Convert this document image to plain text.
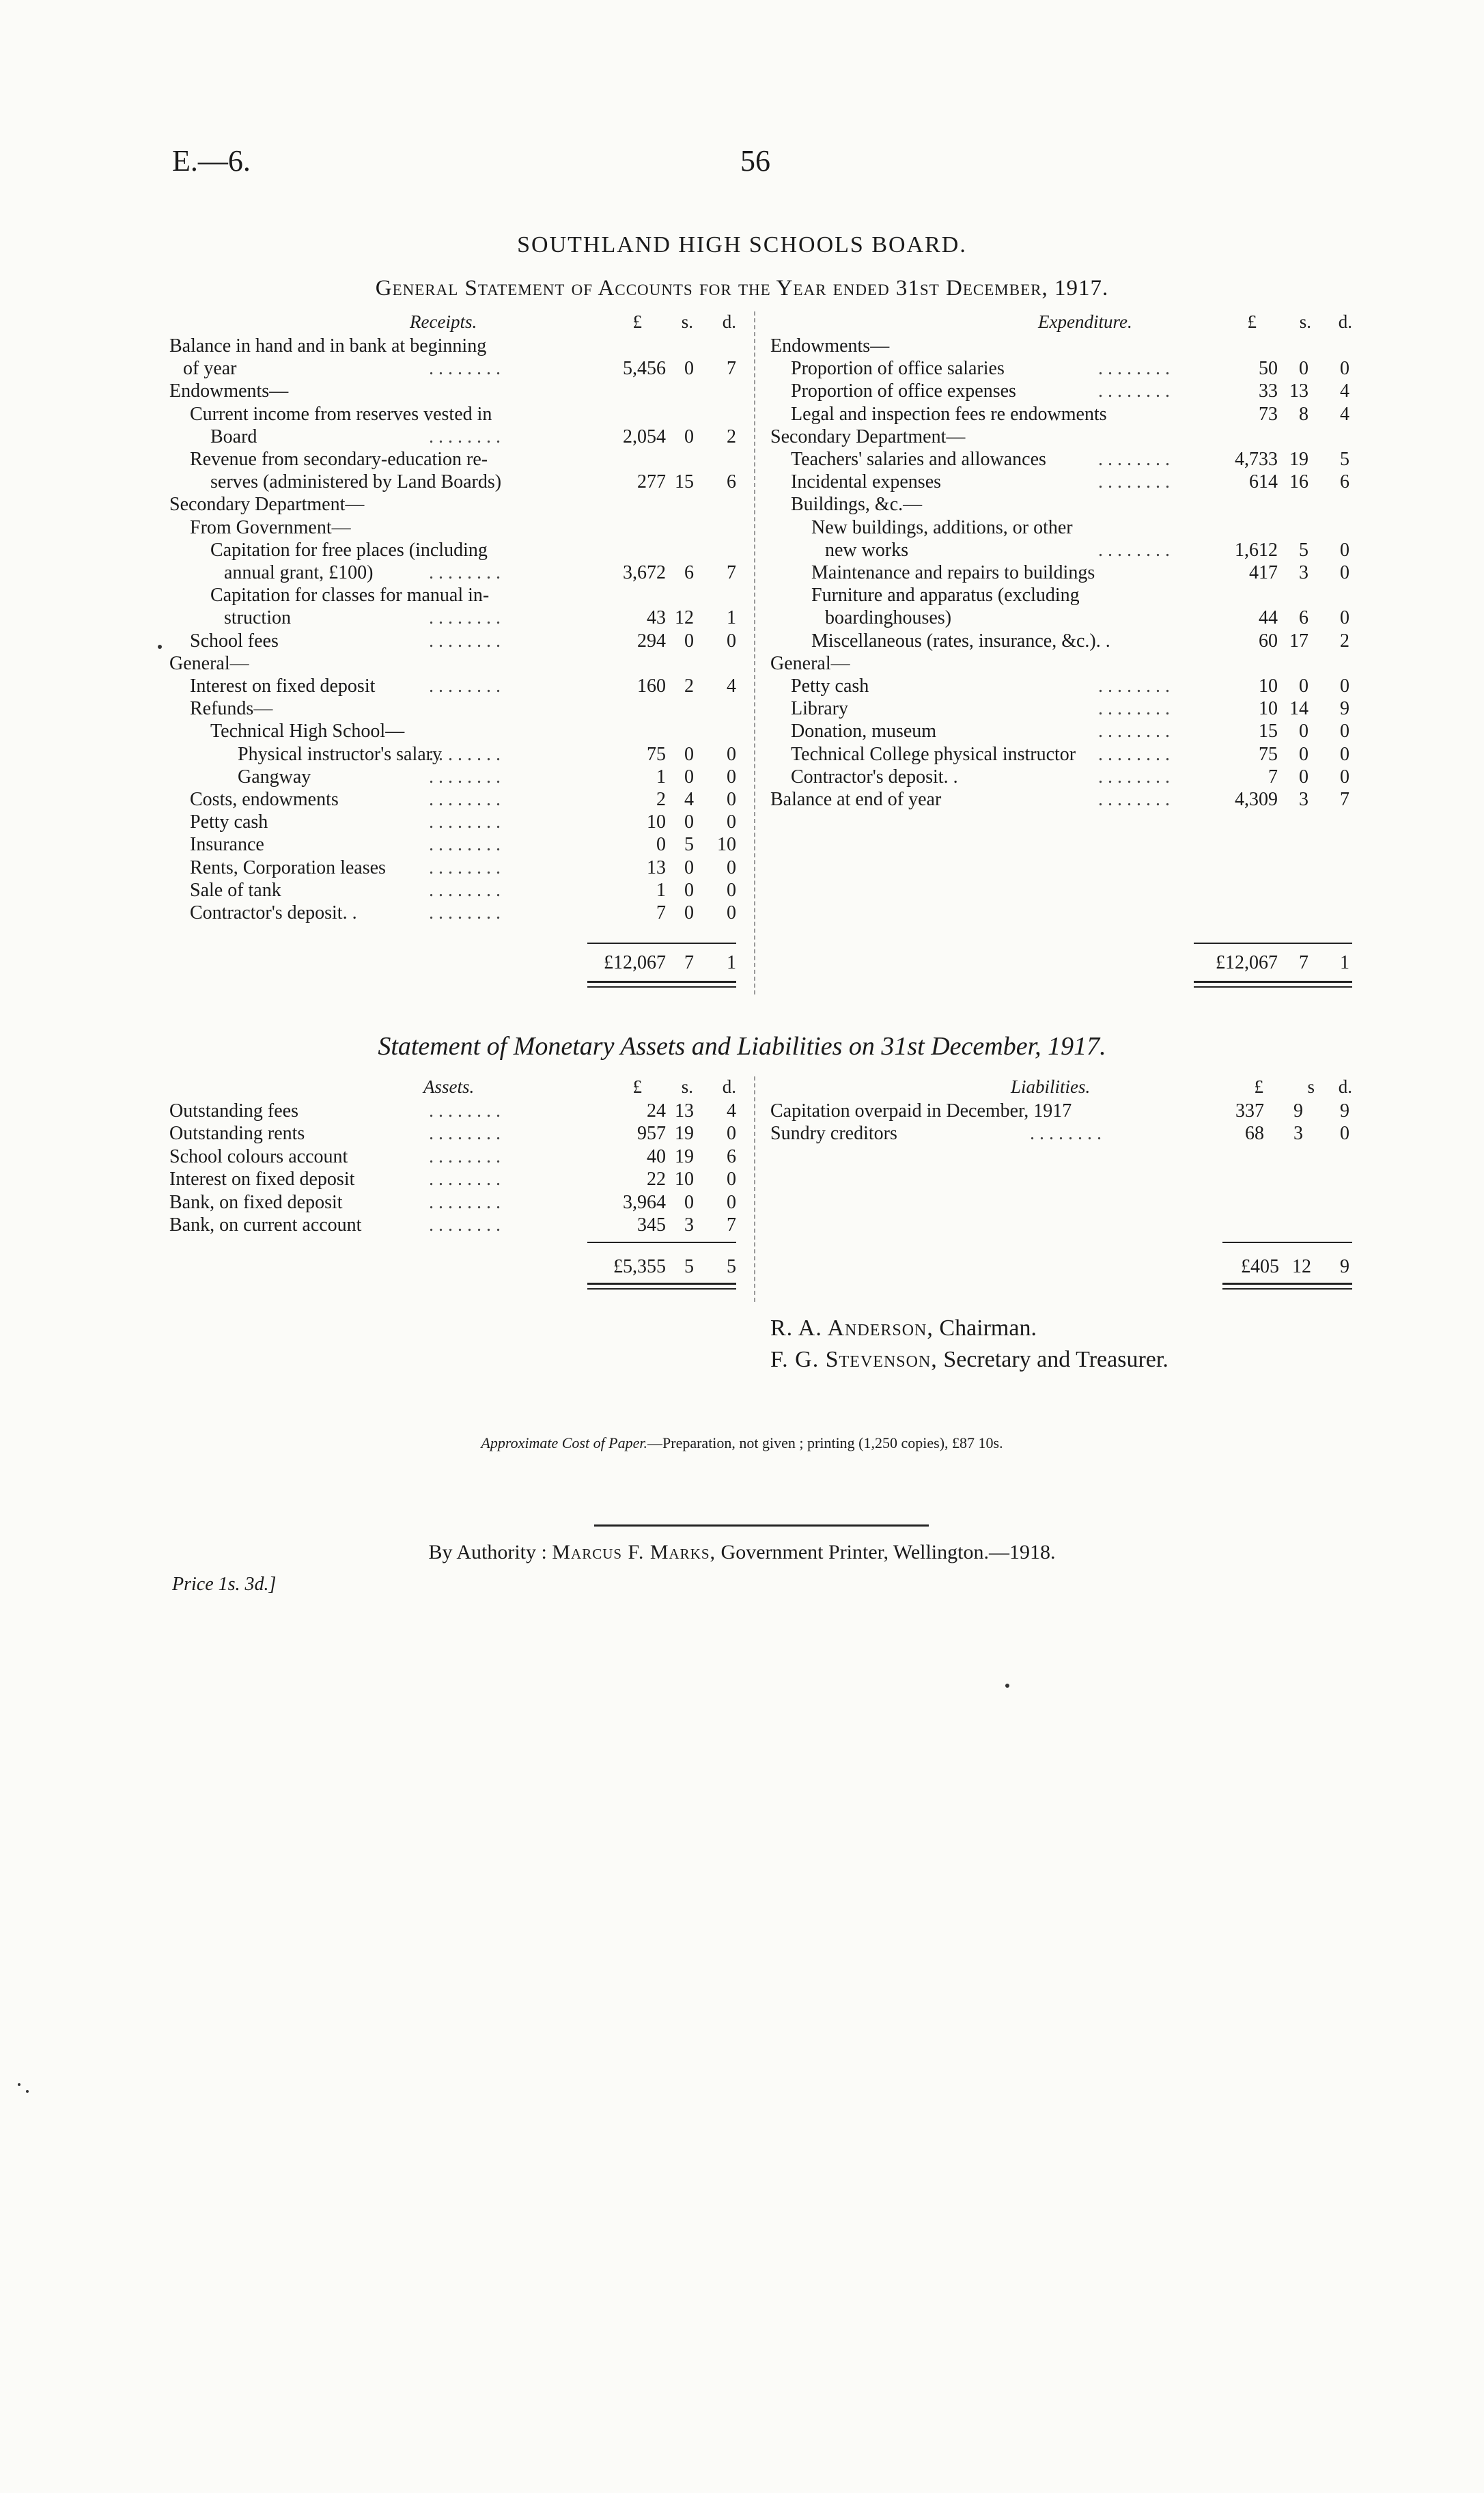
E.—6.	56
SOUTHLAND HIGH SCHOOLS BOARD.
General Statement of Accounts for the Year ended 31st December, 1917.
Receipts.	£	s.	d.	Expenditure.	£	s.	d.
Balance in hand and in bank at beginning
of year	. . . . . . . .	5,456 0	7
Endowments—
Current income from reserves vested in
Board	. . . . . . . .	2,054 0	2
Revenue from secondary-education re-
serves (administered by Land Boards)	277 15	6
Secondary Department—
From Government—
Capitation for free places (including
annual grant, £100)	. . . . . . . .	3,672 6	7
Capitation for classes for manual in-
struction	. . . . . . . .	43 12	1
School fees	. . . . . . . .	294 0	0
General—
Interest on fixed deposit	. . . . . . . .	160 2	4
Refunds—
Technical High School—
Physical instructor's salary
. . . . . . . .	75 0	0
Gangway	. . . . . . . .	1 0	0
Costs, endowments	. . . . . . . .	2 4	0
Petty cash	. . . . . . . .	10 0	0
Insurance	. . . . . . . .	0 5	10
Rents, Corporation leases . . . . . . . .	13 0	0
Sale of tank	. . . . . . . .	1 0	0
Contractor's deposit. .	. . . . . . . .	7 0	0
Endowments—
Proportion of office salaries	. . . . . . . .	50	0	0
Proportion of office expenses	. . . . . . . .	33 13	4
Legal and inspection fees re endowments	73	8	4
Secondary Department—
Teachers' salaries and allowances	. . . . . . . .	4,733 19	5
Incidental expenses	. . . . . . . .	614 16	6
Buildings, &c.—
New buildings, additions, or other
new works	. . . . . . . .	1,612	5	0
Maintenance and repairs to buildings	417	3	0
Furniture and apparatus (excluding
boardinghouses)	44	6	0
Miscellaneous (rates, insurance, &c.). .	60 17	2
General—
Petty cash	. . . . . . . .	10	0	0
Library	. . . . . . . .	10 14	9
Donation, museum	. . . . . . . .	15	0	0
Technical College physical instructor . . . . . . . .	75	0	0
Contractor's deposit. .	. . . . . . . .	7	0	0
Balance at end of year	. . . . . . . .	4,309	3	7
£12,067 7	1	£12,067	7	1
Statement of Monetary Assets and Liabilities on 31st December, 1917.
Assets.	£	s.	d.	Liabilities.	£	s	d.
Outstanding fees	. . . . . . . .	24 13	4
Outstanding rents	. . . . . . . .	957 19	0
School colours account	. . . . . . . .	40 19	6
Interest on fixed deposit	. . . . . . . .	22 10	0
Bank, on fixed deposit	. . . . . . . .	3,964 0	0
Bank, on current account	. . . . . . . .	345 3	7
Capitation overpaid in December, 1917	337	9	9
Sundry creditors	. . . . . . . .	68	3	0
£5,355 5	5	£405 12	9
R. A. Anderson, Chairman.
F. G. Stevenson, Secretary and Treasurer.
Approximate Cost of Paper.—Preparation, not given ; printing (1,250 copies), £87 10s.
By Authority : Marcus F. Marks, Government Printer, Wellington.—1918.
Price 1s. 3d.]
